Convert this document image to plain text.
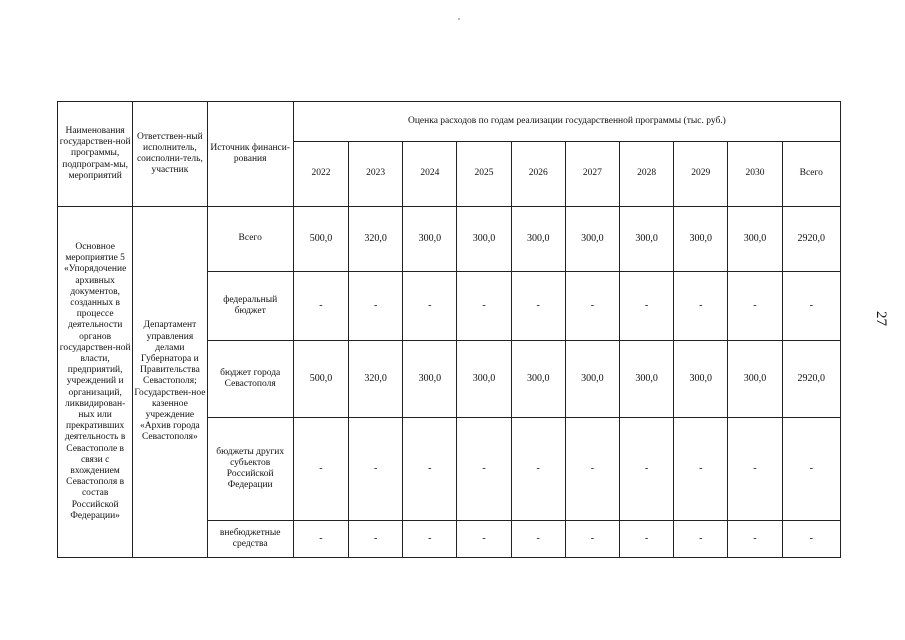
27
Наименования государствен-ной программы, подпрограм-мы, мероприятий	Ответствен-ный исполнитель, соисполни-тель, участник	Источник финанси-рования	Оценка расходов по годам реализации государственной программы (тыс. руб.)									
			2022	2023	2024	2025	2026	2027	2028	2029	2030	Всего
Основное мероприятие 5 «Упорядочение архивных документов, созданных в процессе деятельности органов государствен-ной власти, предприятий, учреждений и организаций, ликвидирован-ных или прекративших деятельность в Севастополе в связи с вхождением Севастополя в состав Российской Федерации»	Департамент управления делами Губернатора и Правительства Севастополя; Государствен-ное казенное учреждение «Архив города Севастополя»	Всего	500,0	320,0	300,0	300,0	300,0	300,0	300,0	300,0	300,0	2920,0
		федеральный бюджет	-	-	-	-	-	-	-	-	-	-
		бюджет города Севастополя	500,0	320,0	300,0	300,0	300,0	300,0	300,0	300,0	300,0	2920,0
		бюджеты других субъектов Российской Федерации	-	-	-	-	-	-	-	-	-	-
		внебюджетные средства	-	-	-	-	-	-	-	-	-	-
